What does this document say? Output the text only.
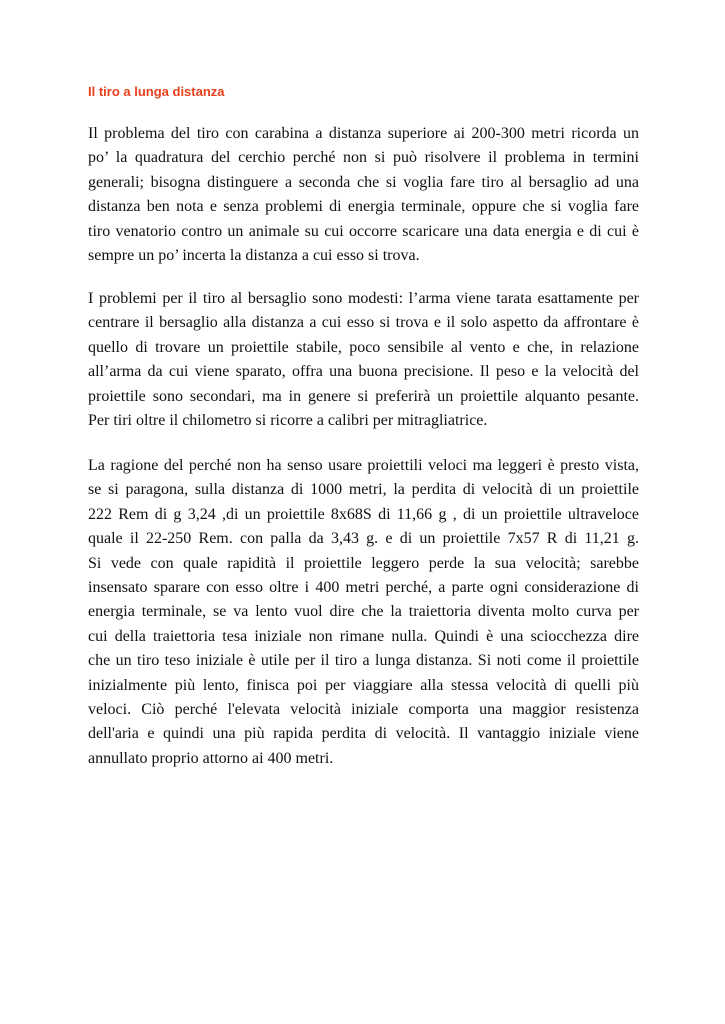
Il tiro a lunga distanza
Il problema del tiro con carabina a distanza superiore ai 200-300 metri ricorda un
po’ la quadratura del cerchio perché non si può risolvere il problema in termini
generali; bisogna distinguere a seconda che si voglia fare tiro al bersaglio ad una
distanza ben nota e senza problemi di energia terminale, oppure che si voglia fare
tiro venatorio contro un animale su cui occorre scaricare una data energia e di cui è
sempre un po’ incerta la distanza a cui esso si trova.
I problemi per il tiro al bersaglio sono modesti: l’arma viene tarata esattamente per
centrare il bersaglio alla distanza a cui esso si trova e il solo aspetto da affrontare è
quello di trovare un proiettile stabile, poco sensibile al vento e che, in relazione
all’arma da cui viene sparato, offra una buona precisione. Il peso e la velocità del
proiettile sono secondari, ma in genere si preferirà un proiettile alquanto pesante.
Per tiri oltre il chilometro si ricorre a calibri per mitragliatrice.
La ragione del perché non ha senso usare proiettili veloci ma leggeri è presto vista,
se si paragona, sulla distanza di 1000 metri, la perdita di velocità di un proiettile
222 Rem di g 3,24 ,di un proiettile 8x68S di 11,66 g , di un proiettile ultraveloce
quale il 22-250 Rem. con palla da 3,43 g. e di un proiettile 7x57 R di 11,21 g.
Si vede con quale rapidità il proiettile leggero perde la sua velocità; sarebbe
insensato sparare con esso oltre i 400 metri perché, a parte ogni considerazione di
energia terminale, se va lento vuol dire che la traiettoria diventa molto curva per
cui della traiettoria tesa iniziale non rimane nulla. Quindi è una sciocchezza dire
che un tiro teso iniziale è utile per il tiro a lunga distanza. Si noti come il proiettile
inizialmente più lento, finisca poi per viaggiare alla stessa velocità di quelli più
veloci. Ciò perché l'elevata velocità iniziale comporta una maggior resistenza
dell'aria e quindi una più rapida perdita di velocità. Il vantaggio iniziale viene
annullato proprio attorno ai 400 metri.
